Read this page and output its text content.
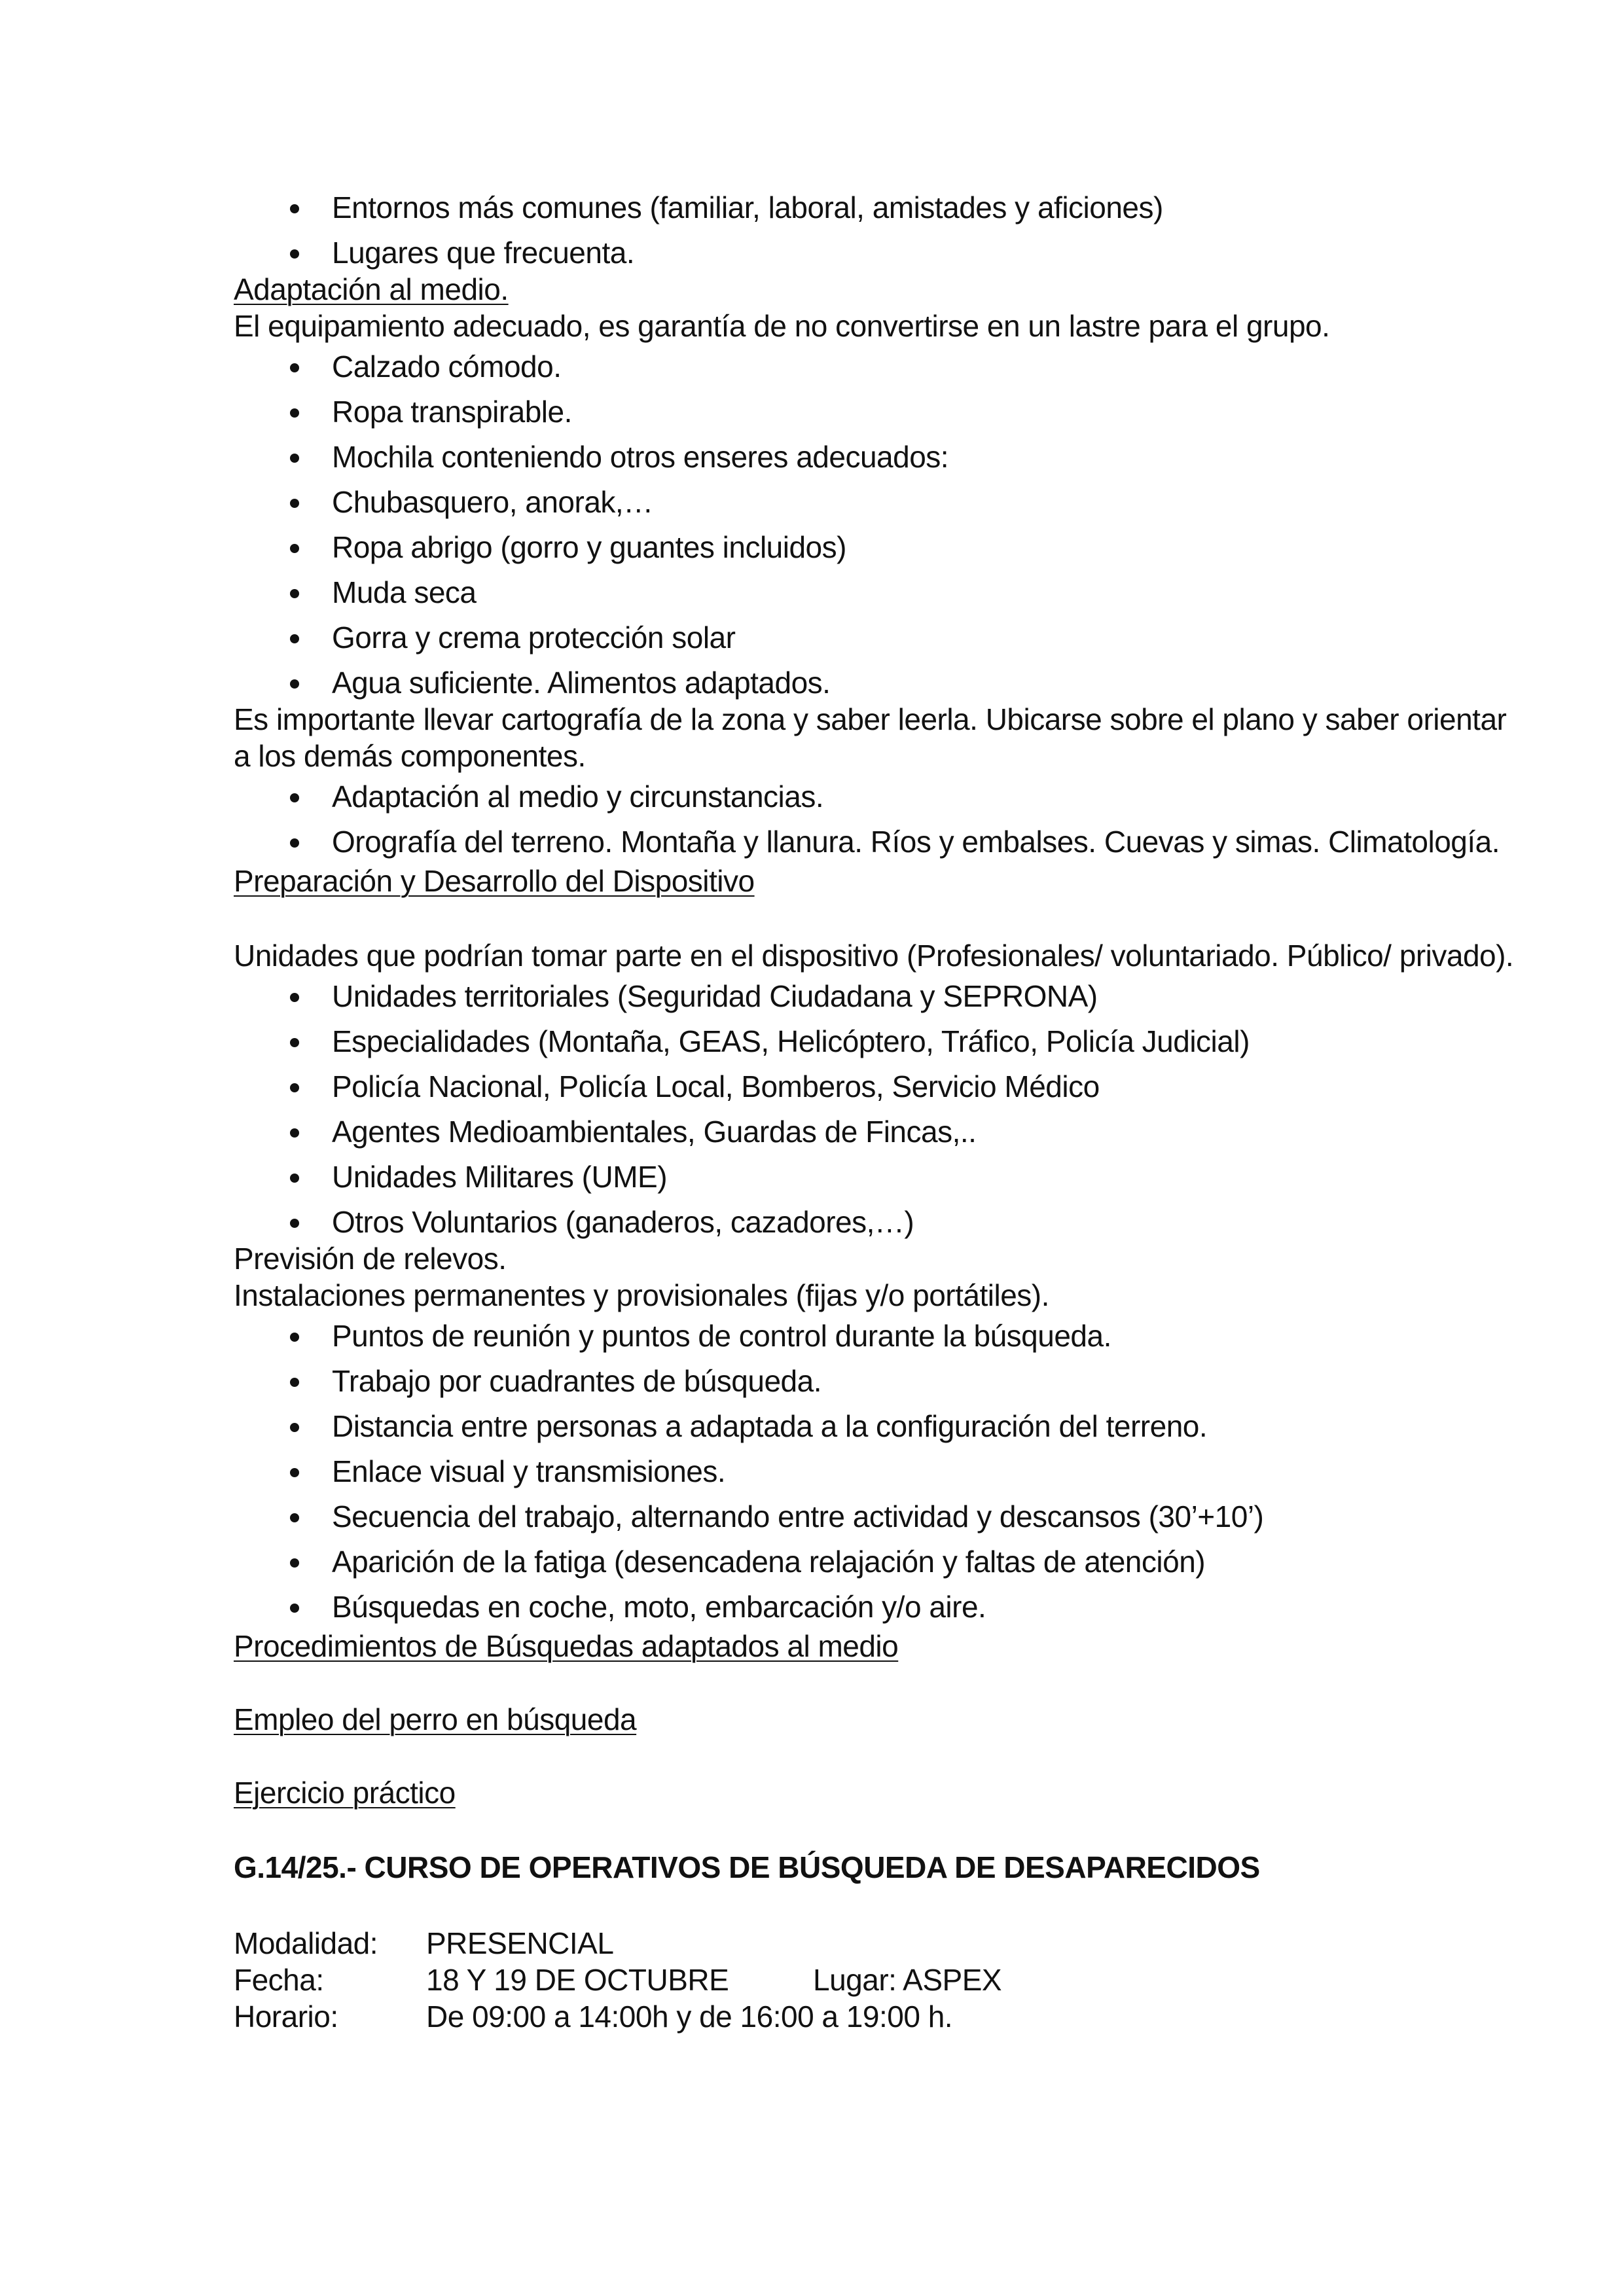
Entornos más comunes (familiar, laboral, amistades y aficiones)
Lugares que frecuenta.
Adaptación al medio.
El equipamiento adecuado, es garantía de no convertirse en un lastre para el grupo.
Calzado cómodo.
Ropa transpirable.
Mochila conteniendo otros enseres adecuados:
Chubasquero, anorak,…
Ropa abrigo (gorro y guantes incluidos)
Muda seca
Gorra y crema protección solar
Agua suficiente. Alimentos adaptados.
Es importante llevar cartografía de la zona y saber leerla. Ubicarse sobre el plano y saber orientar
a los demás componentes.
Adaptación al medio y circunstancias.
Orografía del terreno. Montaña y llanura. Ríos y embalses. Cuevas y simas. Climatología.
Preparación y Desarrollo del Dispositivo
Unidades que podrían tomar parte en el dispositivo (Profesionales/ voluntariado. Público/ privado).
Unidades territoriales (Seguridad Ciudadana y SEPRONA)
Especialidades (Montaña, GEAS, Helicóptero, Tráfico, Policía Judicial)
Policía Nacional, Policía Local, Bomberos, Servicio Médico
Agentes Medioambientales, Guardas de Fincas,..
Unidades Militares (UME)
Otros Voluntarios (ganaderos, cazadores,…)
Previsión de relevos.
Instalaciones permanentes y provisionales (fijas y/o portátiles).
Puntos de reunión y puntos de control durante la búsqueda.
Trabajo por cuadrantes de búsqueda.
Distancia entre personas a adaptada a la configuración del terreno.
Enlace visual y transmisiones.
Secuencia del trabajo, alternando entre actividad y descansos (30’+10’)
Aparición de la fatiga (desencadena relajación y faltas de atención)
Búsquedas en coche, moto, embarcación y/o aire.
Procedimientos de Búsquedas adaptados al medio
Empleo del perro en búsqueda
Ejercicio práctico
G.14/25.- CURSO DE OPERATIVOS DE BÚSQUEDA DE DESAPARECIDOS
Modalidad: PRESENCIAL
Fecha:	18 Y 19 DE OCTUBRE	Lugar: ASPEX
Horario:	De 09:00 a 14:00h y de 16:00 a 19:00 h.
